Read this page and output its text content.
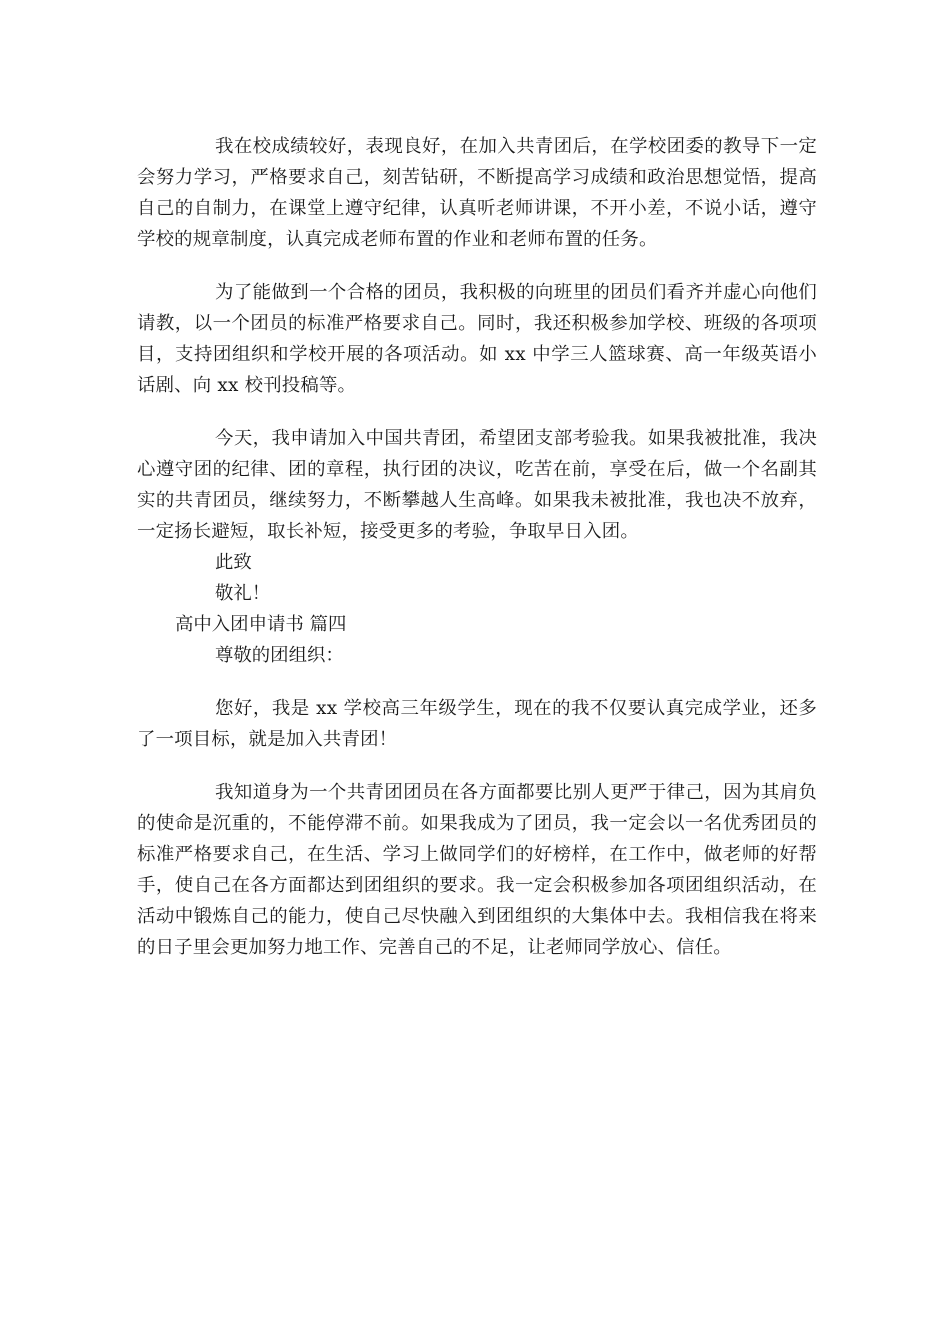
我在校成绩较好，表现良好，在加入共青团后，在学校团委的教导下一定会努力学习，严格要求自己，刻苦钻研，不断提高学习成绩和政治思想觉悟，提高自己的自制力，在课堂上遵守纪律，认真听老师讲课，不开小差，不说小话，遵守学校的规章制度，认真完成老师布置的作业和老师布置的任务。

为了能做到一个合格的团员，我积极的向班里的团员们看齐并虚心向他们请教，以一个团员的标准严格要求自己。同时，我还积极参加学校、班级的各项项目，支持团组织和学校开展的各项活动。如 xx 中学三人篮球赛、高一年级英语小话剧、向 xx 校刊投稿等。

今天，我申请加入中国共青团，希望团支部考验我。如果我被批准，我决心遵守团的纪律、团的章程，执行团的决议，吃苦在前，享受在后，做一个名副其实的共青团员，继续努力，不断攀越人生高峰。如果我未被批准，我也决不放弃，一定扬长避短，取长补短，接受更多的考验，争取早日入团。

此致

敬礼！

高中入团申请书 篇四

尊敬的团组织：

您好，我是 xx 学校高三年级学生，现在的我不仅要认真完成学业，还多了一项目标，就是加入共青团！

我知道身为一个共青团团员在各方面都要比别人更严于律己，因为其肩负的使命是沉重的，不能停滞不前。如果我成为了团员，我一定会以一名优秀团员的标准严格要求自己，在生活、学习上做同学们的好榜样，在工作中，做老师的好帮手，使自己在各方面都达到团组织的要求。我一定会积极参加各项团组织活动，在活动中锻炼自己的能力，使自己尽快融入到团组织的大集体中去。我相信我在将来的日子里会更加努力地工作、完善自己的不足，让老师同学放心、信任。
